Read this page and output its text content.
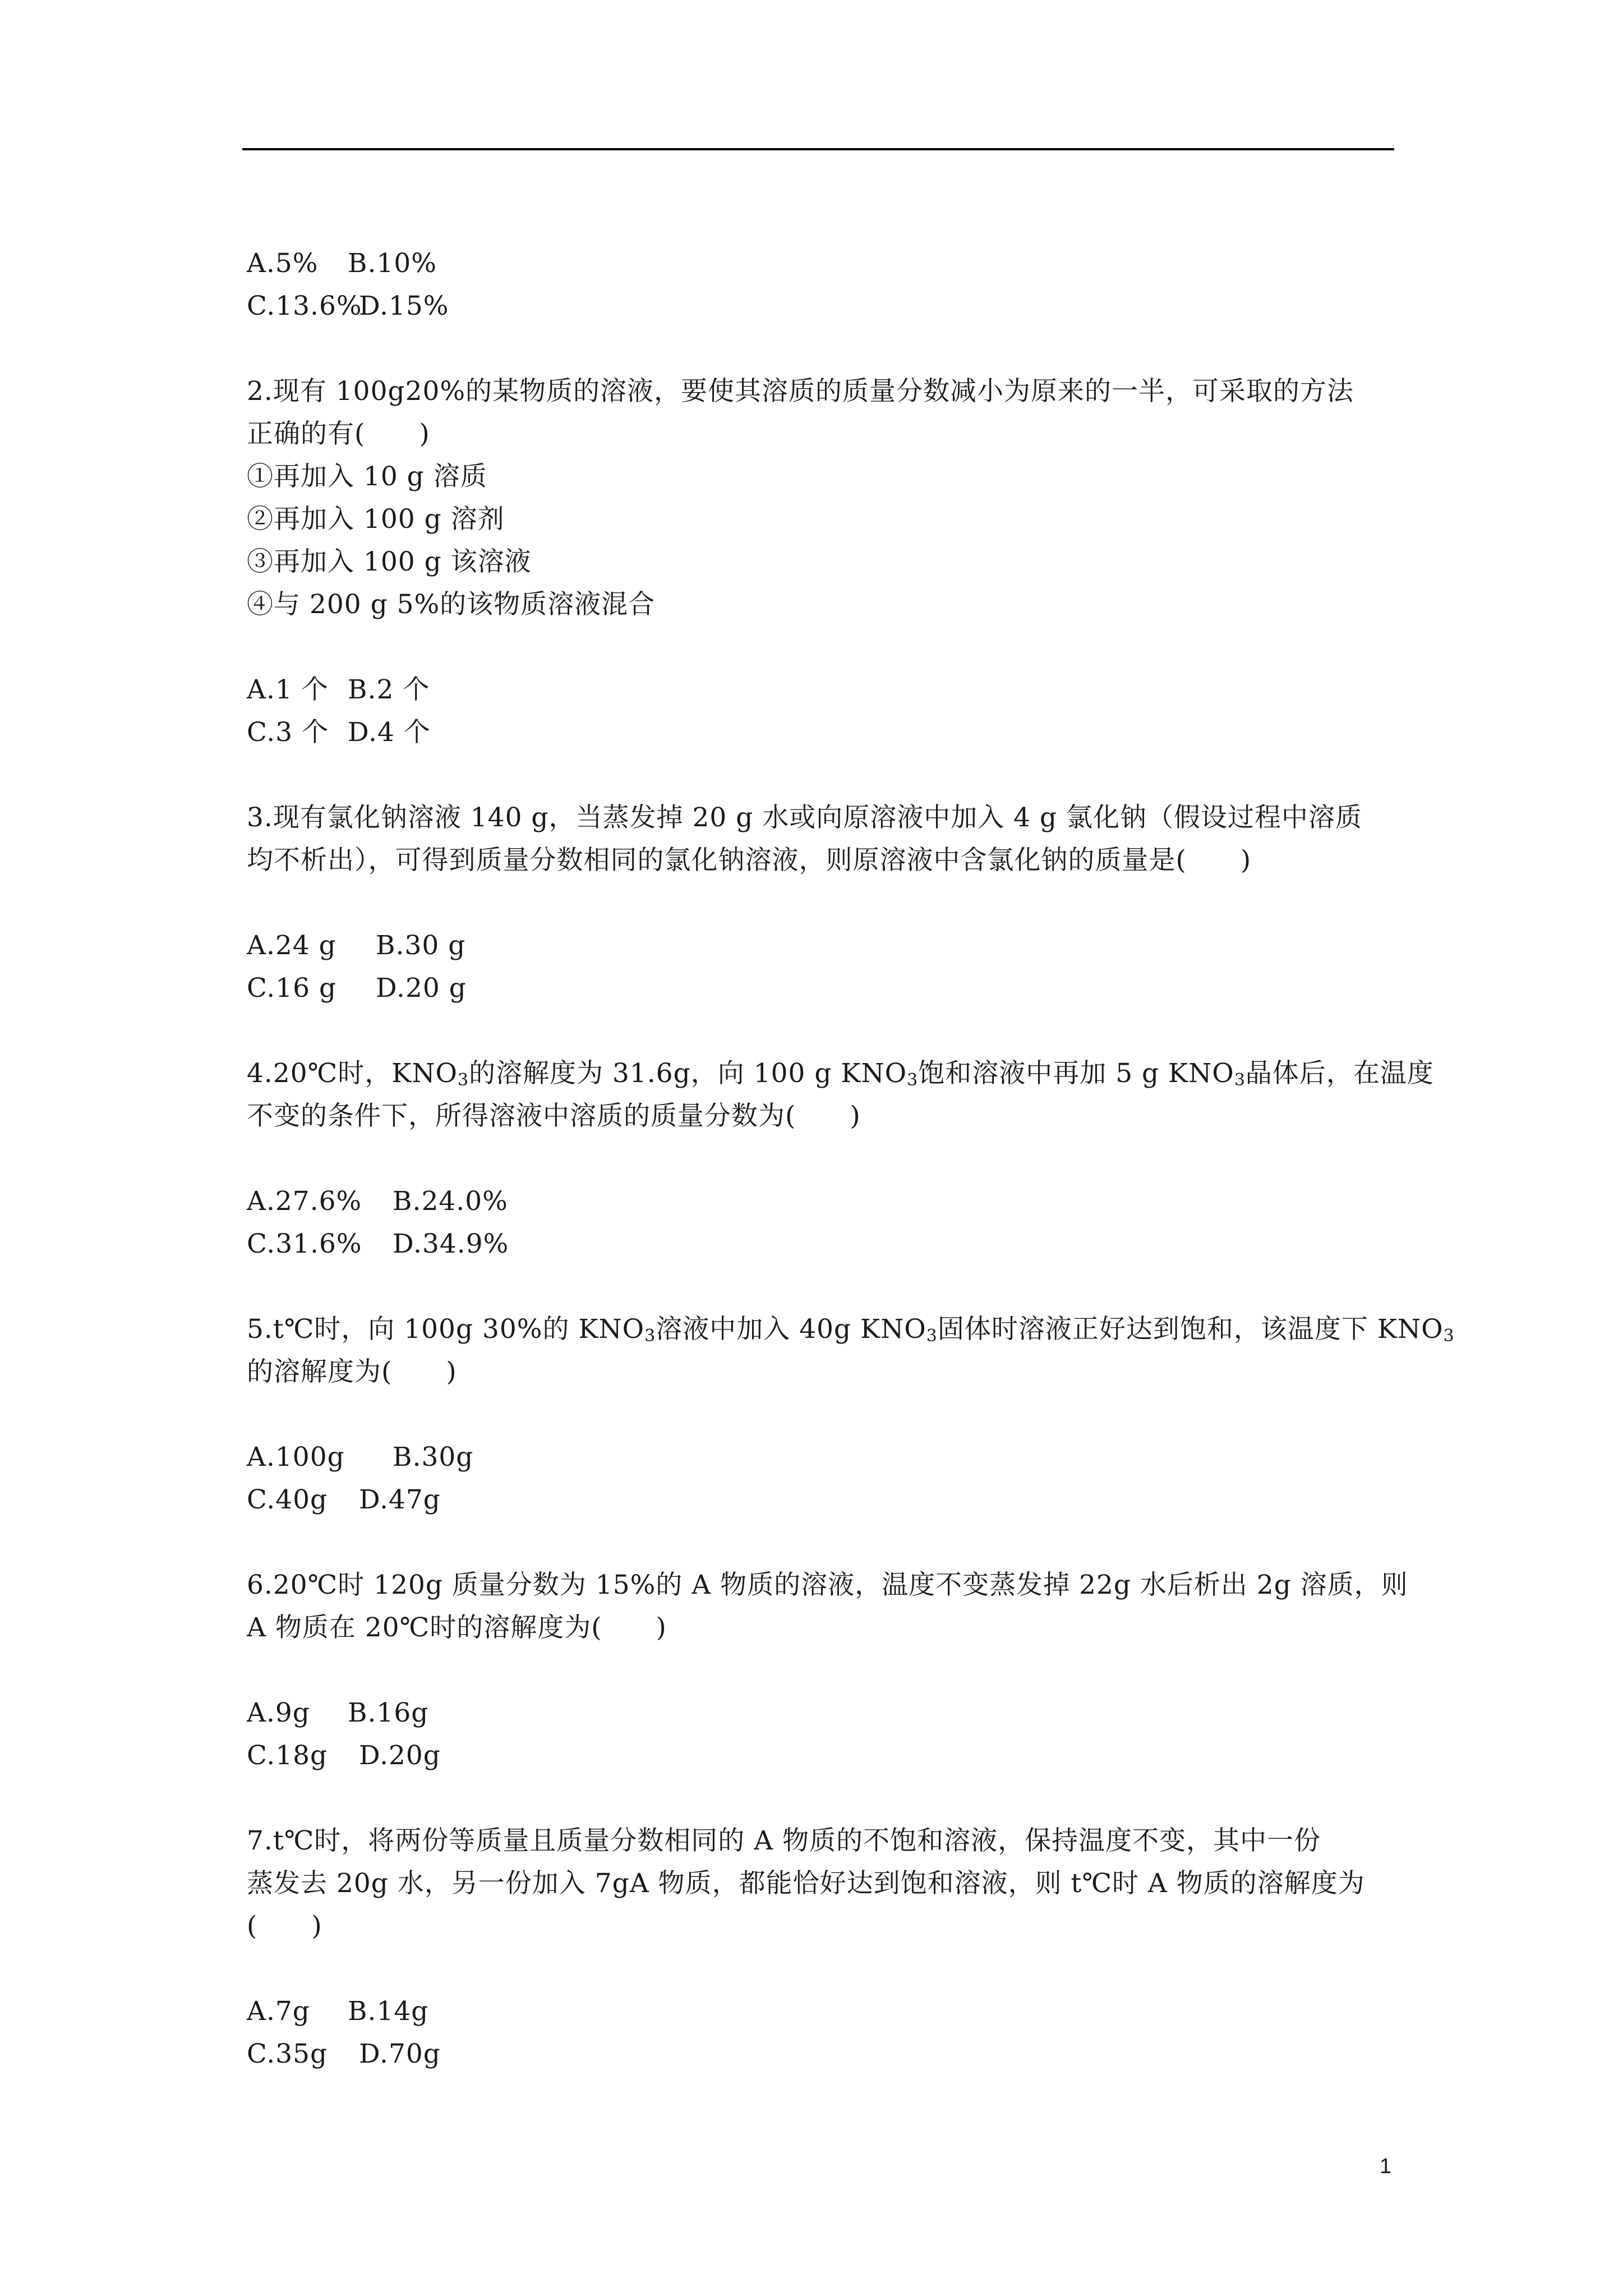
A.5% B.10%
C.13.6%D.15%
2.现有 100g20%的某物质的溶液，要使其溶质的质量分数减小为原来的一半，可采取的方法
正确的有(　　)
①再加入 10 g 溶质
②再加入 100 g 溶剂
③再加入 100 g 该溶液
④与 200 g 5%的该物质溶液混合
A.1 个 B.2 个
C.3 个 D.4 个
3.现有氯化钠溶液 140 g，当蒸发掉 20 g 水或向原溶液中加入 4 g 氯化钠（假设过程中溶质
均不析出），可得到质量分数相同的氯化钠溶液，则原溶液中含氯化钠的质量是(　　)
A.24 g B.30 g
C.16 g D.20 g
4.20℃时，$KNO_3$的溶解度为 31.6g，向 100 g $KNO_3$饱和溶液中再加 5 g $KNO_3$晶体后，在温度
不变的条件下，所得溶液中溶质的质量分数为(　　)
A.27.6% B.24.0%
C.31.6% D.34.9%
5.t℃时，向 100g 30%的 $KNO_3$溶液中加入 40g $KNO_3$固体时溶液正好达到饱和，该温度下 $KNO_3$
的溶解度为(　　)
A.100g B.30g
C.40g D.47g
6.20℃时 120g 质量分数为 15%的 A 物质的溶液，温度不变蒸发掉 22g 水后析出 2g 溶质，则
A 物质在 20℃时的溶解度为(　　)
A.9g B.16g
C.18g D.20g
7.t℃时，将两份等质量且质量分数相同的 A 物质的不饱和溶液，保持温度不变，其中一份
蒸发去 20g 水，另一份加入 7gA 物质，都能恰好达到饱和溶液，则 t℃时 A 物质的溶解度为
(　　)
A.7g B.14g
C.35g D.70g
1
